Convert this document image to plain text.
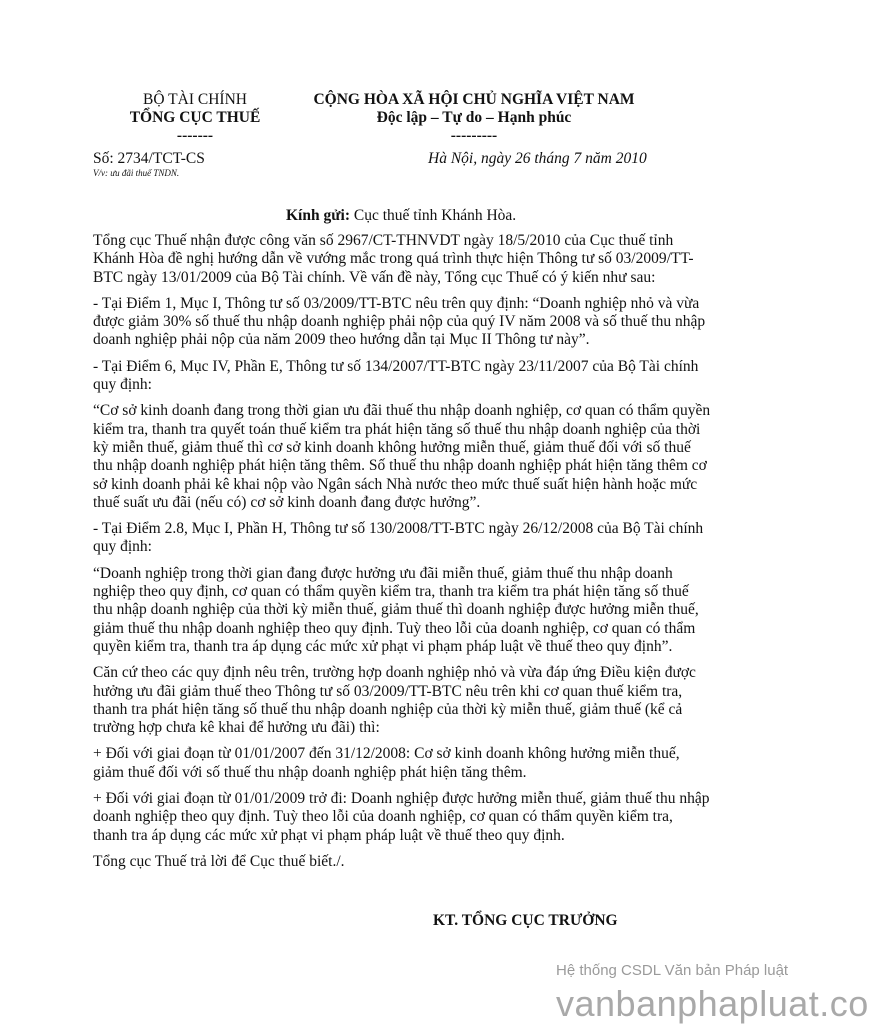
BỘ TÀI CHÍNH
TỔNG CỤC THUẾ
-------
CỘNG HÒA XÃ HỘI CHỦ NGHĨA VIỆT NAM
Độc lập – Tự do – Hạnh phúc
---------
Số: 2734/TCT-CS
V/v: ưu đãi thuế TNDN.
Hà Nội, ngày 26 tháng 7 năm 2010
Kính gửi: Cục thuế tỉnh Khánh Hòa.

Tổng cục Thuế nhận được công văn số 2967/CT-THNVDT ngày 18/5/2010 của Cục thuế tỉnh Khánh Hòa đề nghị hướng dẫn về vướng mắc trong quá trình thực hiện Thông tư số 03/2009/TT-BTC ngày 13/01/2009 của Bộ Tài chính. Về vấn đề này, Tổng cục Thuế có ý kiến như sau:

- Tại Điểm 1, Mục I, Thông tư số 03/2009/TT-BTC nêu trên quy định: “Doanh nghiệp nhỏ và vừa được giảm 30% số thuế thu nhập doanh nghiệp phải nộp của quý IV năm 2008 và số thuế thu nhập doanh nghiệp phải nộp của năm 2009 theo hướng dẫn tại Mục II Thông tư này”.

- Tại Điểm 6, Mục IV, Phần E, Thông tư số 134/2007/TT-BTC ngày 23/11/2007 của Bộ Tài chính quy định:

“Cơ sở kinh doanh đang trong thời gian ưu đãi thuế thu nhập doanh nghiệp, cơ quan có thẩm quyền kiểm tra, thanh tra quyết toán thuế kiểm tra phát hiện tăng số thuế thu nhập doanh nghiệp của thời kỳ miễn thuế, giảm thuế thì cơ sở kinh doanh không hưởng miễn thuế, giảm thuế đối với số thuế thu nhập doanh nghiệp phát hiện tăng thêm. Số thuế thu nhập doanh nghiệp phát hiện tăng thêm cơ sở kinh doanh phải kê khai nộp vào Ngân sách Nhà nước theo mức thuế suất hiện hành hoặc mức thuế suất ưu đãi (nếu có) cơ sở kinh doanh đang được hưởng”.

- Tại Điểm 2.8, Mục I, Phần H, Thông tư số 130/2008/TT-BTC ngày 26/12/2008 của Bộ Tài chính quy định:

“Doanh nghiệp trong thời gian đang được hưởng ưu đãi miễn thuế, giảm thuế thu nhập doanh nghiệp theo quy định, cơ quan có thẩm quyền kiểm tra, thanh tra kiểm tra phát hiện tăng số thuế thu nhập doanh nghiệp của thời kỳ miễn thuế, giảm thuế thì doanh nghiệp được hưởng miễn thuế, giảm thuế thu nhập doanh nghiệp theo quy định. Tuỳ theo lỗi của doanh nghiệp, cơ quan có thẩm quyền kiểm tra, thanh tra áp dụng các mức xử phạt vi phạm pháp luật về thuế theo quy định”.

Căn cứ theo các quy định nêu trên, trường hợp doanh nghiệp nhỏ và vừa đáp ứng Điều kiện được hưởng ưu đãi giảm thuế theo Thông tư số 03/2009/TT-BTC nêu trên khi cơ quan thuế kiểm tra, thanh tra phát hiện tăng số thuế thu nhập doanh nghiệp của thời kỳ miễn thuế, giảm thuế (kể cả trường hợp chưa kê khai để hưởng ưu đãi) thì:

+ Đối với giai đoạn từ 01/01/2007 đến 31/12/2008: Cơ sở kinh doanh không hưởng miễn thuế, giảm thuế đối với số thuế thu nhập doanh nghiệp phát hiện tăng thêm.

+ Đối với giai đoạn từ 01/01/2009 trở đi: Doanh nghiệp được hưởng miễn thuế, giảm thuế thu nhập doanh nghiệp theo quy định. Tuỳ theo lỗi của doanh nghiệp, cơ quan có thẩm quyền kiểm tra, thanh tra áp dụng các mức xử phạt vi phạm pháp luật về thuế theo quy định.

Tổng cục Thuế trả lời để Cục thuế biết./.

KT. TỔNG CỤC TRƯỞNG
Hệ thống CSDL Văn bản Pháp luật
vanbanphapluat.co
